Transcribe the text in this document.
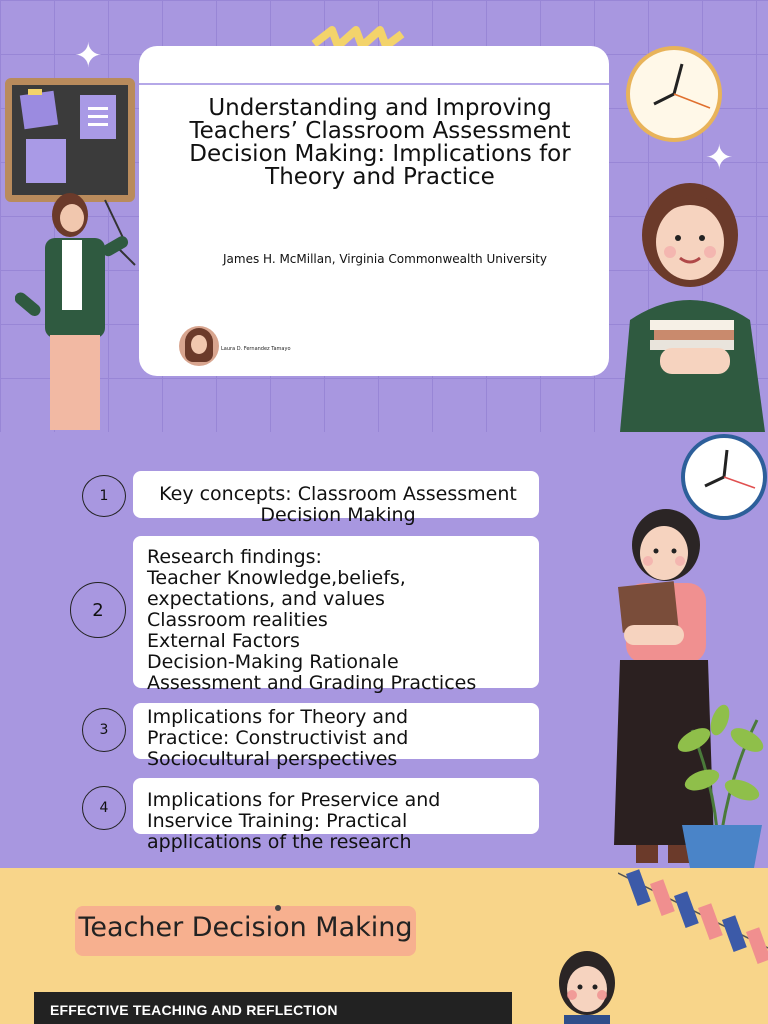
✦
✦
Understanding and Improving Teachers’ Classroom Assessment Decision Making: Implications for Theory and Practice
James H. McMillan, Virginia Commonwealth University
Laura D. Fernandez Tamayo
1	Key concepts: Classroom Assessment
Decision Making
2
Research findings:
Teacher Knowledge,beliefs,
expectations, and values
Classroom realities
External Factors
Decision-Making Rationale
Assessment and Grading Practices
3
Implications for Theory and
Practice: Constructivist and
Sociocultural perspectives
4	Implications for Preservice and
Inservice Training: Practical
applications of the research
Teacher Decision Making
EFFECTIVE TEACHING AND REFLECTION
